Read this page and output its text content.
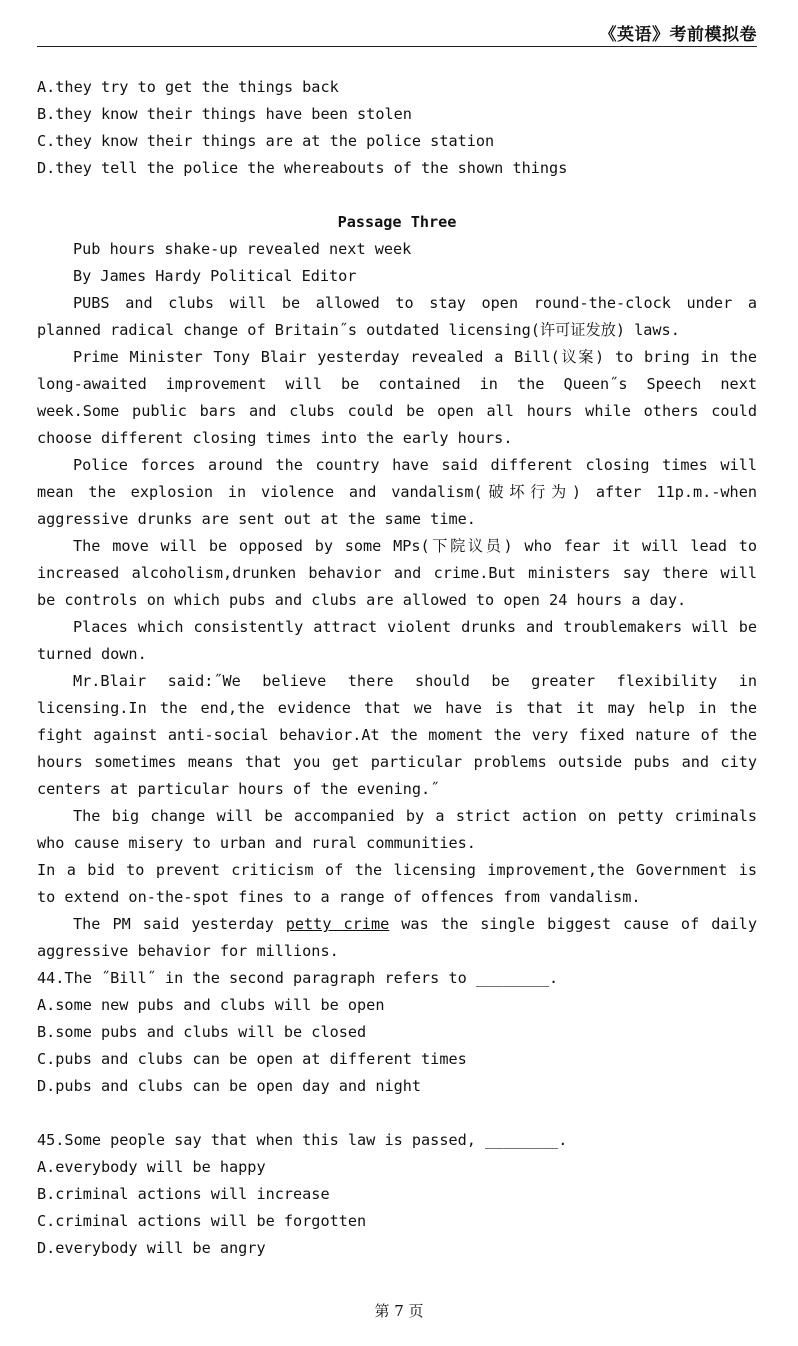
《英语》考前模拟卷
​
A.they try to get the things back
B.they know their things have been stolen
C.they know their things are at the police station
D.they tell the police the whereabouts of the shown things

Passage Three

Pub hours shake-up revealed next week

By James Hardy Political Editor

PUBS and clubs will be allowed to stay open round-the-clock under a planned radical change of Britain˝s outdated licensing(许可证发放) laws.

Prime Minister Tony Blair yesterday revealed a Bill(议案) to bring in the long-awaited improvement will be contained in the Queen˝s Speech next week.Some public bars and clubs could be open all hours while others could choose different closing times into the early hours.

Police forces around the country have said different closing times will mean the explosion in violence and vandalism(破坏行为) after 11p.m.-when aggressive drunks are sent out at the same time.

The move will be opposed by some MPs(下院议员) who fear it will lead to increased alcoholism,drunken behavior and crime.But ministers say there will be controls on which pubs and clubs are allowed to open 24 hours a day.

Places which consistently attract violent drunks and troublemakers will be turned down.

Mr.Blair said:˝We believe there should be greater flexibility in licensing.In the end,the evidence that we have is that it may help in the fight against anti-social behavior.At the moment the very fixed nature of the hours sometimes means that you get particular problems outside pubs and city centers at particular hours of the evening.˝

The big change will be accompanied by a strict action on petty criminals who cause misery to urban and rural communities.

In a bid to prevent criticism of the licensing improvement,the Government is to extend on-the-spot fines to a range of offences from vandalism.

The PM said yesterday petty crime was the single biggest cause of daily aggressive behavior for millions.

44.The ˝Bill˝ in the second paragraph refers to ________.
A.some new pubs and clubs will be open
B.some pubs and clubs will be closed
C.pubs and clubs can be open at different times
D.pubs and clubs can be open day and night
45.Some people say that when this law is passed, ________.
A.everybody will be happy
B.criminal actions will increase
C.criminal actions will be forgotten
D.everybody will be angry
第 7 页
